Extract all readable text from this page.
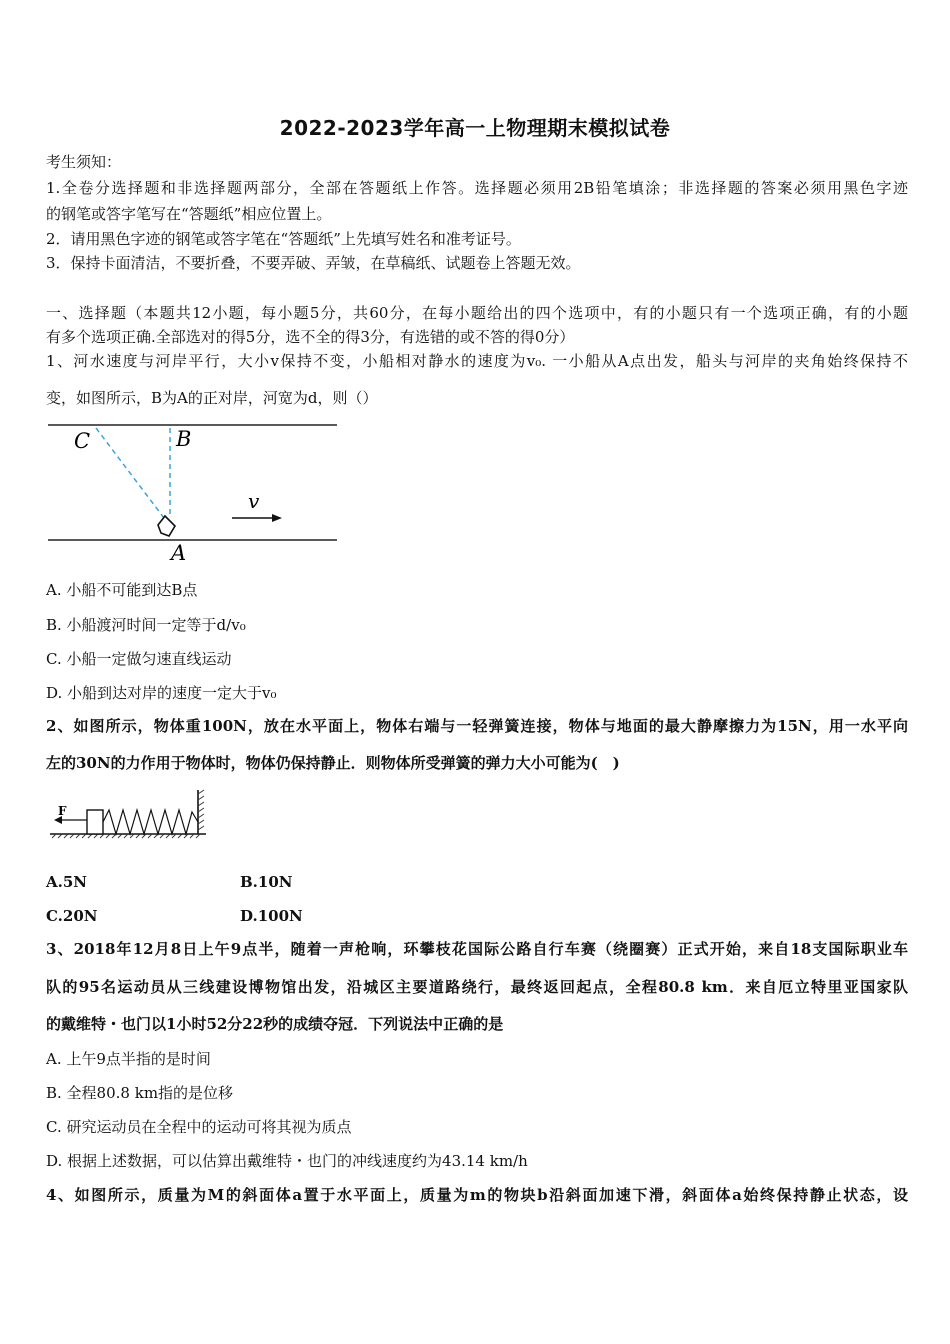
2022-2023学年高一上物理期末模拟试卷
考生须知：
1.全卷分选择题和非选择题两部分，全部在答题纸上作答。选择题必须用2B铅笔填涂；非选择题的答案必须用黑色字迹
的钢笔或答字笔写在“答题纸”相应位置上。
2．请用黑色字迹的钢笔或答字笔在“答题纸”上先填写姓名和准考证号。
3．保持卡面清洁，不要折叠，不要弄破、弄皱，在草稿纸、试题卷上答题无效。
一、选择题（本题共12小题，每小题5分，共60分，在每小题给出的四个选项中，有的小题只有一个选项正确，有的小题
有多个选项正确.全部选对的得5分，选不全的得3分，有选错的或不答的得0分）
1、河水速度与河岸平行，大小v保持不变，小船相对静水的速度为v₀. 一小船从A点出发，船头与河岸的夹角始终保持不
变，如图所示，B为A的正对岸，河宽为d，则（）
C	B
A
v
A. 小船不可能到达B点
B. 小船渡河时间一定等于d/v₀
C. 小船一定做匀速直线运动
D. 小船到达对岸的速度一定大于v₀
2、如图所示，物体重100N，放在水平面上，物体右端与一轻弹簧连接，物体与地面的最大静摩擦力为15N，用一水平向
左的30N的力作用于物体时，物体仍保持静止．则物体所受弹簧的弹力大小可能为(　)
F
A.5N	B.10N
C.20N	D.100N
3、2018年12月8日上午9点半，随着一声枪响，环攀枝花国际公路自行车赛（绕圈赛）正式开始，来自18支国际职业车
队的95名运动员从三线建设博物馆出发，沿城区主要道路绕行，最终返回起点，全程80.8 km．来自厄立特里亚国家队
的戴维特・也门以1小时52分22秒的成绩夺冠．下列说法中正确的是
A. 上午9点半指的是时间
B. 全程80.8 km指的是位移
C. 研究运动员在全程中的运动可将其视为质点
D. 根据上述数据，可以估算出戴维特・也门的冲线速度约为43.14 km/h
4、如图所示，质量为M的斜面体a置于水平面上，质量为m的物块b沿斜面加速下滑，斜面体a始终保持静止状态，设
